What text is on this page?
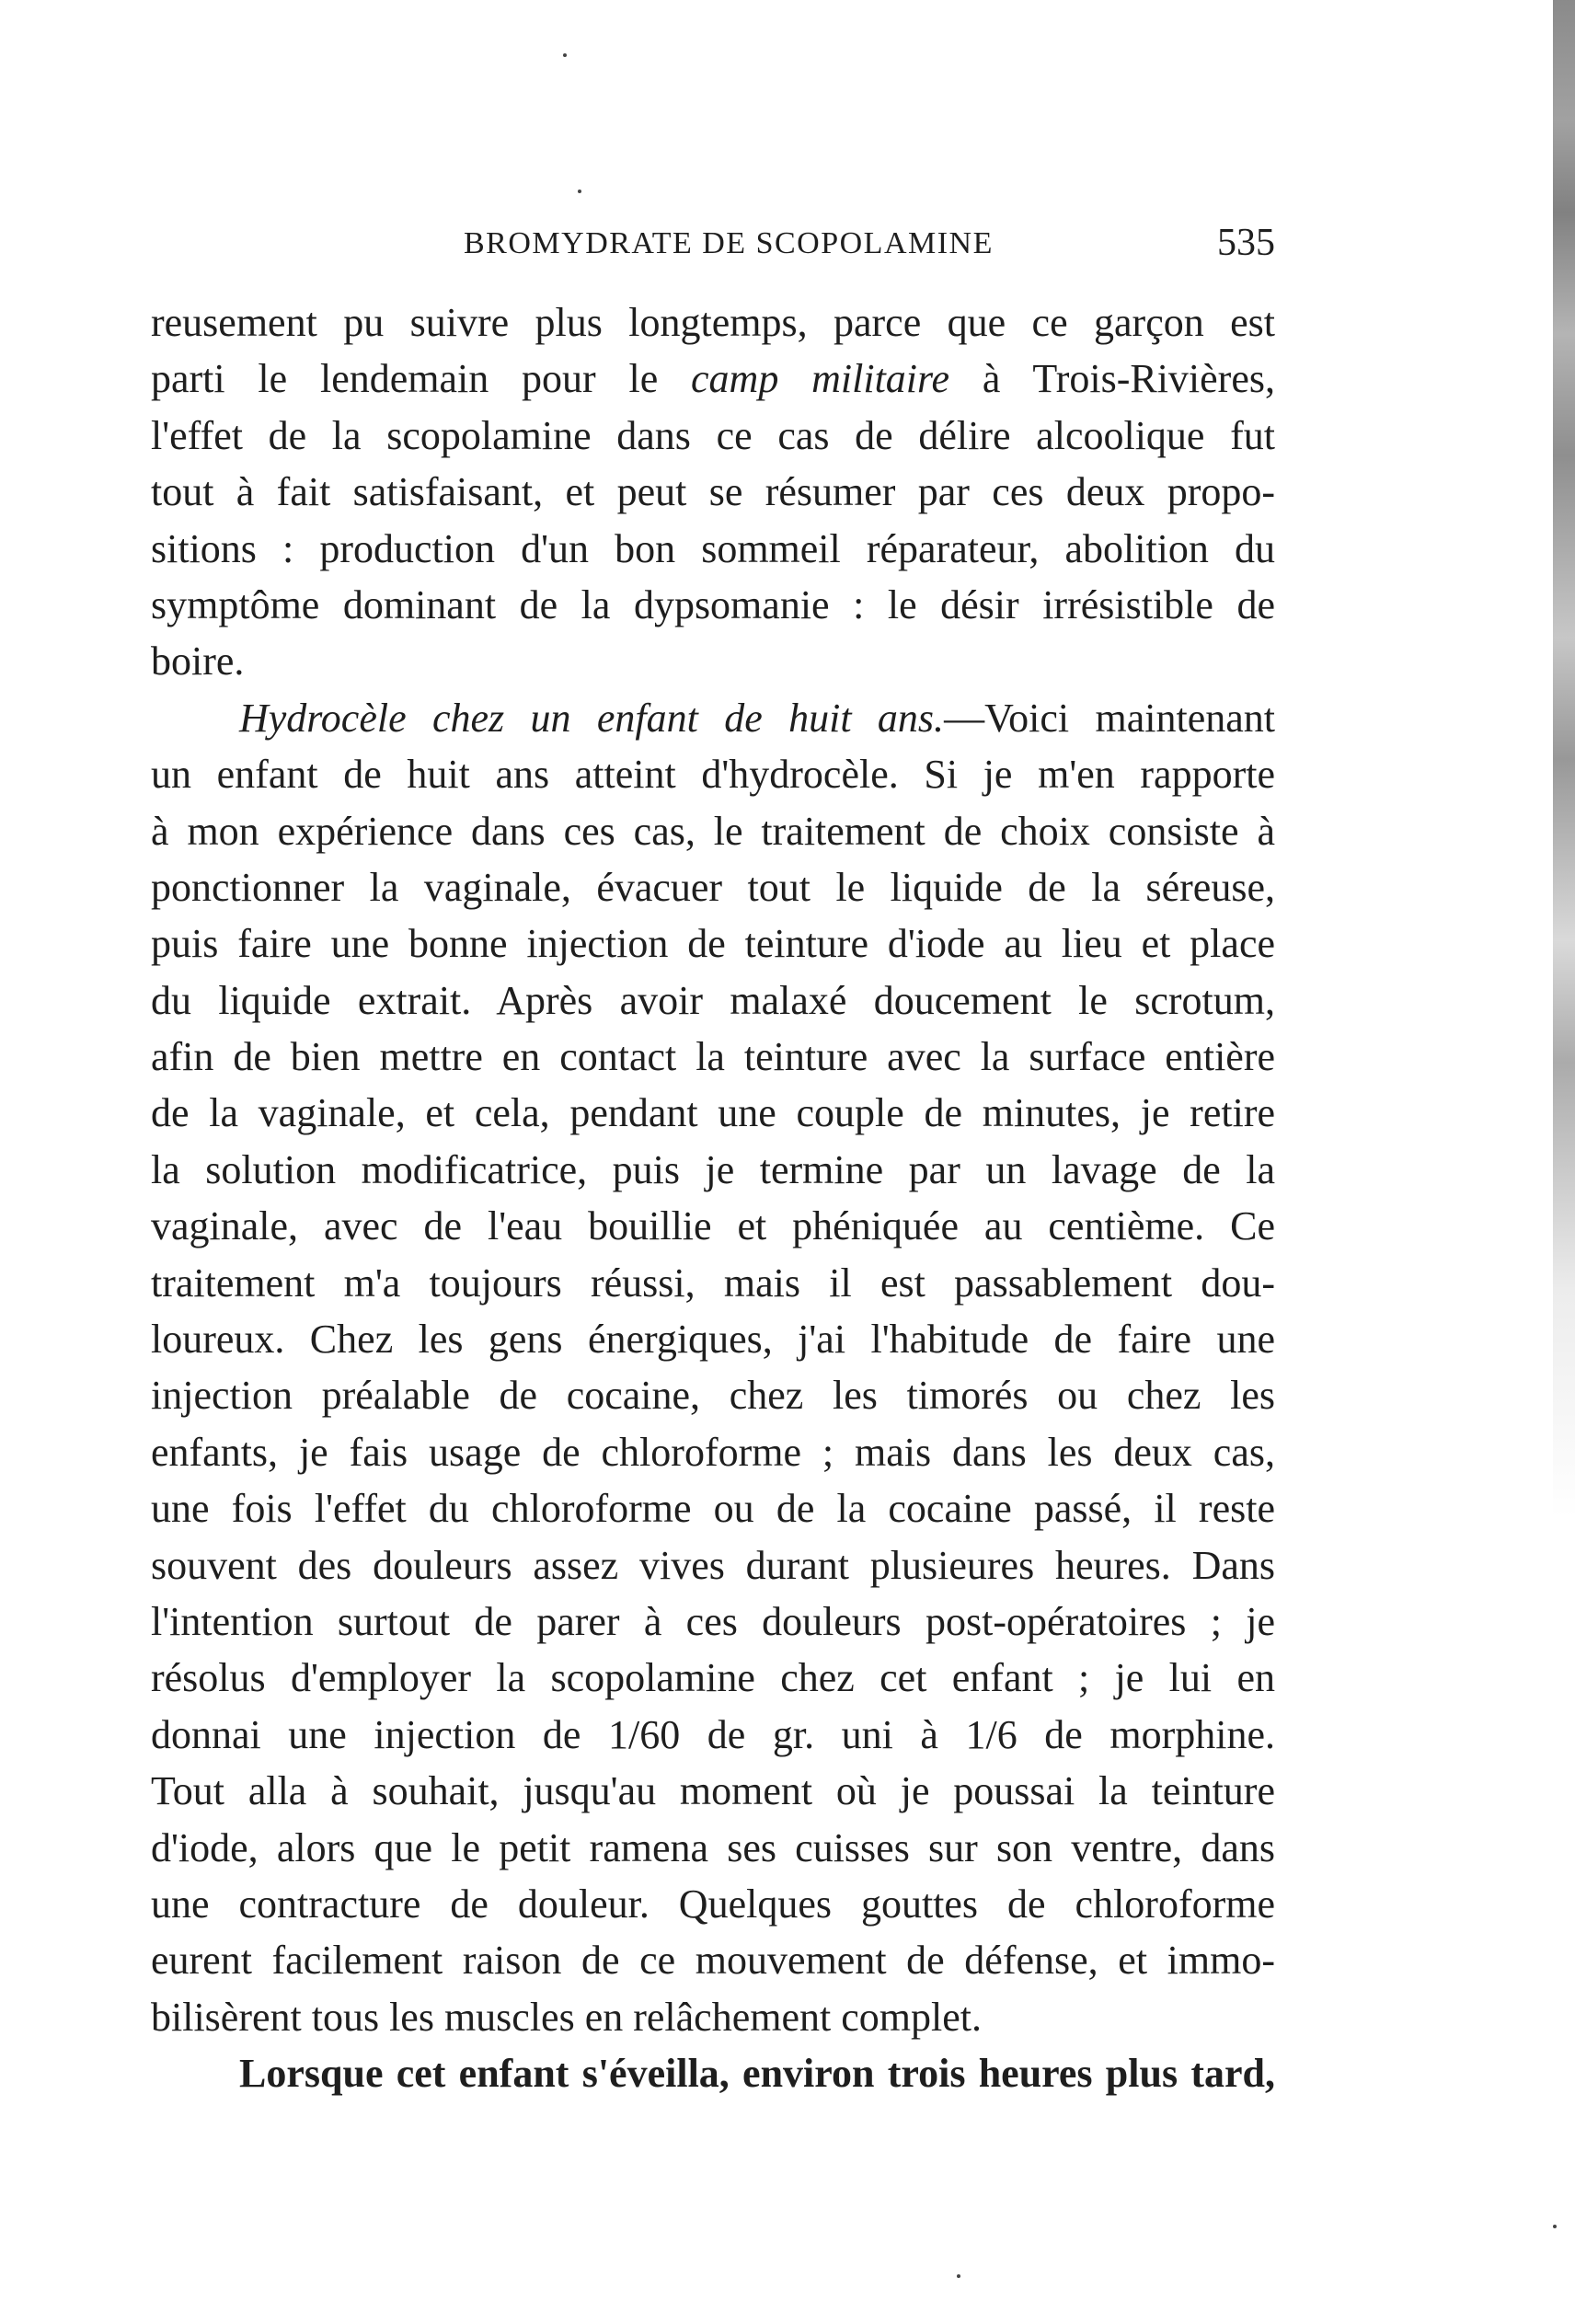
BROMYDRATE DE SCOPOLAMINE	535
reusement pu suivre plus longtemps, parce que ce garçon est
parti le lendemain pour le camp militaire à Trois-Rivières,
l'effet de la scopolamine dans ce cas de délire alcoolique fut
tout à fait satisfaisant, et peut se résumer par ces deux propo-
sitions : production d'un bon sommeil réparateur, abolition du
symptôme dominant de la dypsomanie : le désir irrésistible de
boire.
Hydrocèle chez un enfant de huit ans.—Voici maintenant
un enfant de huit ans atteint d'hydrocèle. Si je m'en rapporte
à mon expérience dans ces cas, le traitement de choix consiste à
ponctionner la vaginale, évacuer tout le liquide de la séreuse,
puis faire une bonne injection de teinture d'iode au lieu et place
du liquide extrait. Après avoir malaxé doucement le scrotum,
afin de bien mettre en contact la teinture avec la surface entière
de la vaginale, et cela, pendant une couple de minutes, je retire
la solution modificatrice, puis je termine par un lavage de la
vaginale, avec de l'eau bouillie et phéniquée au centième. Ce
traitement m'a toujours réussi, mais il est passablement dou-
loureux. Chez les gens énergiques, j'ai l'habitude de faire une
injection préalable de cocaine, chez les timorés ou chez les
enfants, je fais usage de chloroforme ; mais dans les deux cas,
une fois l'effet du chloroforme ou de la cocaine passé, il reste
souvent des douleurs assez vives durant plusieures heures. Dans
l'intention surtout de parer à ces douleurs post-opératoires ; je
résolus d'employer la scopolamine chez cet enfant ; je lui en
donnai une injection de 1/60 de gr. uni à 1/6 de morphine.
Tout alla à souhait, jusqu'au moment où je poussai la teinture
d'iode, alors que le petit ramena ses cuisses sur son ventre, dans
une contracture de douleur. Quelques gouttes de chloroforme
eurent facilement raison de ce mouvement de défense, et immo-
bilisèrent tous les muscles en relâchement complet.
Lorsque cet enfant s'éveilla, environ trois heures plus tard,
